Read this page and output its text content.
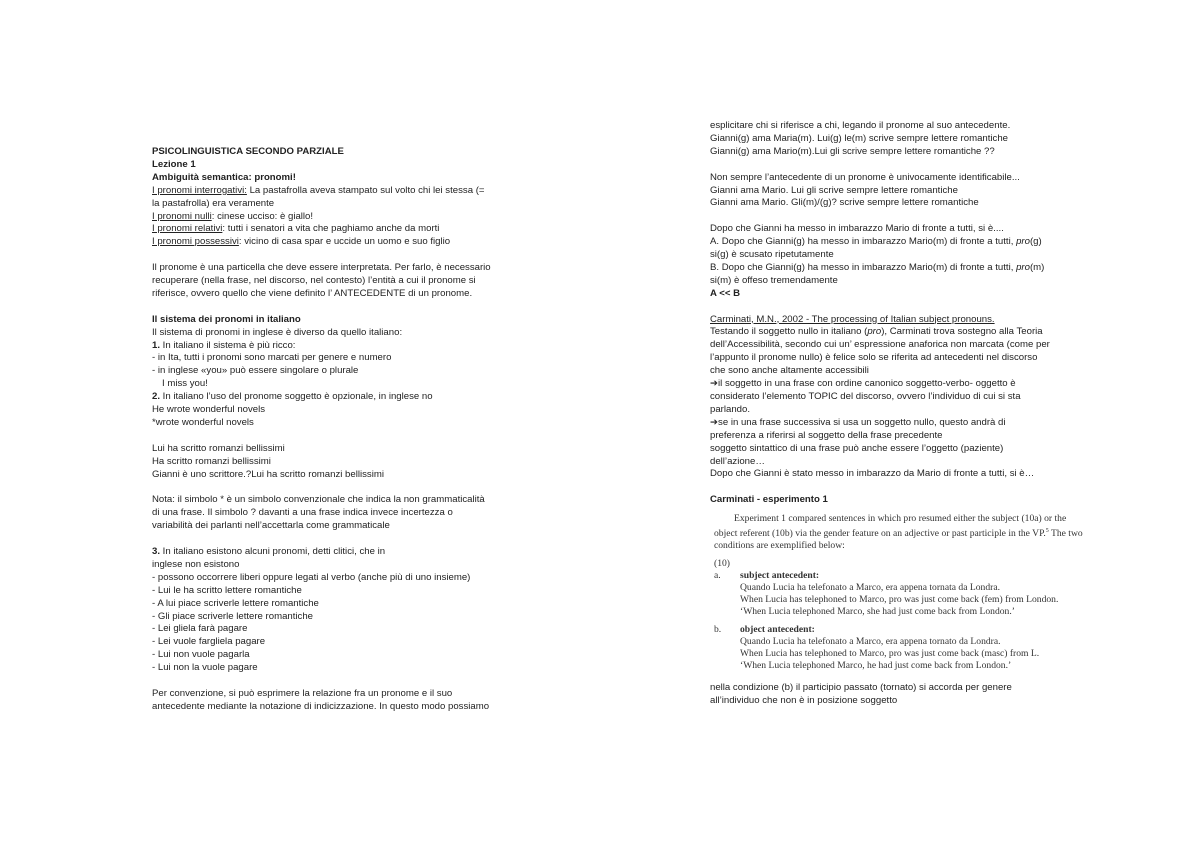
PSICOLINGUISTICA SECONDO PARZIALE
Lezione 1
Ambiguità semantica: pronomi!
I pronomi interrogativi: La pastafrolla aveva stampato sul volto chi lei stessa (=
la pastafrolla) era veramente
I pronomi nulli: cinese ucciso: è giallo!
I pronomi relativi: tutti i senatori a vita che paghiamo anche da morti
I pronomi possessivi: vicino di casa spar e uccide un uomo e suo figlio
Il pronome è una particella che deve essere interpretata. Per farlo, è necessario
recuperare (nella frase, nel discorso, nel contesto) l’entità a cui il pronome si
riferisce, ovvero quello che viene definito l’ ANTECEDENTE di un pronome.
Il sistema dei pronomi in italiano
Il sistema di pronomi in inglese è diverso da quello italiano:
1. In italiano il sistema è più ricco:
- in Ita, tutti i pronomi sono marcati per genere e numero
- in inglese «you» può essere singolare o plurale
I miss you!
2. In italiano l’uso del pronome soggetto è opzionale, in inglese no
He wrote wonderful novels
*wrote wonderful novels
Lui ha scritto romanzi bellissimi
Ha scritto romanzi bellissimi
Gianni è uno scrittore.?Lui ha scritto romanzi bellissimi
Nota: il simbolo * è un simbolo convenzionale che indica la non grammaticalità
di una frase. Il simbolo ? davanti a una frase indica invece incertezza o
variabilità dei parlanti nell’accettarla come grammaticale
3. In italiano esistono alcuni pronomi, detti clitici, che in
inglese non esistono
- possono occorrere liberi oppure legati al verbo (anche più di uno insieme)
- Lui le ha scritto lettere romantiche
- A lui piace scriverle lettere romantiche
- Gli piace scriverle lettere romantiche
- Lei gliela farà pagare
- Lei vuole fargliela pagare
- Lui non vuole pagarla
- Lui non la vuole pagare
Per convenzione, si può esprimere la relazione fra un pronome e il suo
antecedente mediante la notazione di indicizzazione. In questo modo possiamo
esplicitare chi si riferisce a chi, legando il pronome al suo antecedente.
Gianni(g) ama Maria(m). Lui(g) le(m) scrive sempre lettere romantiche
Gianni(g) ama Mario(m).Lui gli scrive sempre lettere romantiche ??
Non sempre l’antecedente di un pronome è univocamente identificabile...
Gianni ama Mario. Lui gli scrive sempre lettere romantiche
Gianni ama Mario. Gli(m)/(g)? scrive sempre lettere romantiche
Dopo che Gianni ha messo in imbarazzo Mario di fronte a tutti, si è....
A. Dopo che Gianni(g) ha messo in imbarazzo Mario(m) di fronte a tutti, pro(g)
si(g) è scusato ripetutamente
B. Dopo che Gianni(g) ha messo in imbarazzo Mario(m) di fronte a tutti, pro(m)
si(m) è offeso tremendamente
A << B
Carminati, M.N., 2002 - The processing of Italian subject pronouns.
Testando il soggetto nullo in italiano (pro), Carminati trova sostegno alla Teoria
dell’Accessibilità, secondo cui un’ espressione anaforica non marcata (come per
l’appunto il pronome nullo) è felice solo se riferita ad antecedenti nel discorso
che sono anche altamente accessibili
➔il soggetto in una frase con ordine canonico soggetto-verbo- oggetto è
considerato l’elemento TOPIC del discorso, ovvero l’individuo di cui si sta
parlando.
➔se in una frase successiva si usa un soggetto nullo, questo andrà di
preferenza a riferirsi al soggetto della frase precedente
soggetto sintattico di una frase può anche essere l’oggetto (paziente)
dell’azione…
Dopo che Gianni è stato messo in imbarazzo da Mario di fronte a tutti, si è…
Carminati - esperimento 1
Experiment 1 compared sentences in which pro resumed either the subject (10a) or the object referent (10b) via the gender feature on an adjective or past participle in the VP.$^5$ The two conditions are exemplified below:
(10)
a.	subject antecedent:
Quando Lucia ha telefonato a Marco, era appena tornata da Londra.
When Lucia has telephoned to Marco, pro was just come back (fem) from London.
‘When Lucia telephoned Marco, she had just come back from London.’
b.	object antecedent:
Quando Lucia ha telefonato a Marco, era appena tornato da Londra.
When Lucia has telephoned to Marco, pro was just come back (masc) from L.
‘When Lucia telephoned Marco, he had just come back from London.’
nella condizione (b) il participio passato (tornato) si accorda per genere
all’individuo che non è in posizione soggetto
